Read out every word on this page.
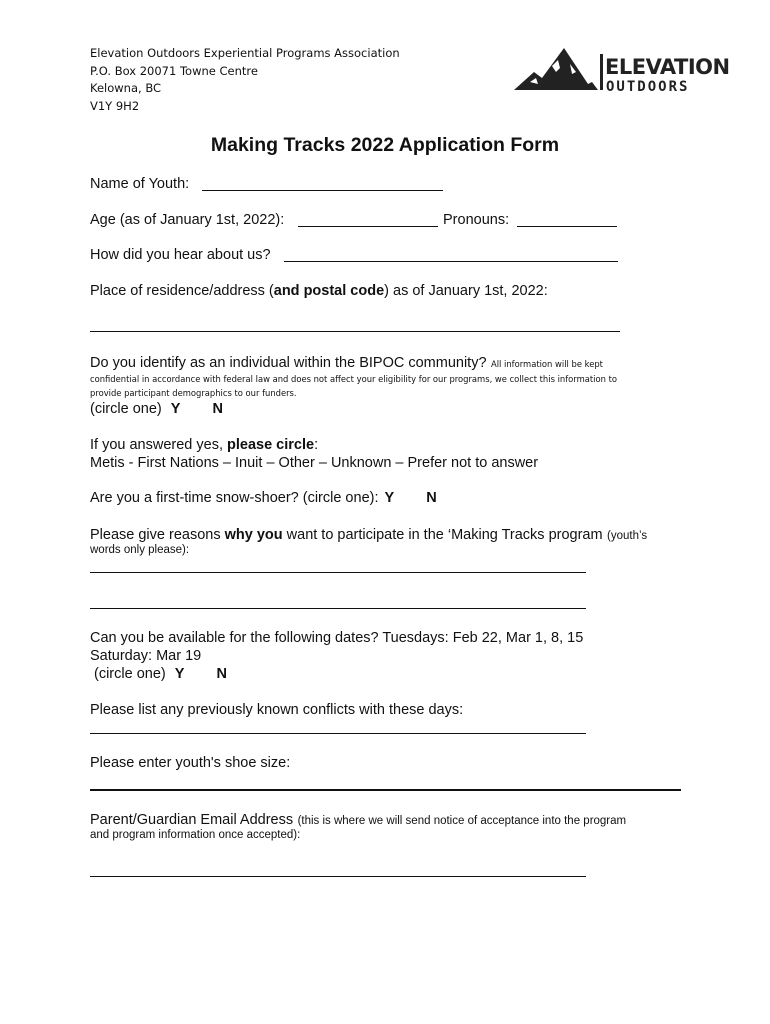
Elevation Outdoors Experiential Programs Association
P.O. Box 20071 Towne Centre
Kelowna, BC
V1Y 9H2
ELEVATION
OUTDOORS
Making Tracks 2022 Application Form
Name of Youth:
Age (as of January 1st, 2022):	Pronouns:
How did you hear about us?
Place of residence/address (and postal code) as of January 1st, 2022:
Do you identify as an individual within the BIPOC community? All information will be kept
confidential in accordance with federal law and does not affect your eligibility for our programs, we collect this information to
provide participant demographics to our funders.
(circle one) Y N
If you answered yes, please circle:
Metis - First Nations – Inuit – Other – Unknown – Prefer not to answer
Are you a first-time snow-shoer? (circle one): Y N
Please give reasons why you want to participate in the ‘Making Tracks program (youth’s
words only please):
Can you be available for the following dates? Tuesdays: Feb 22, Mar 1, 8, 15
Saturday: Mar 19
(circle one) Y N
Please list any previously known conflicts with these days:
Please enter youth's shoe size:
Parent/Guardian Email Address (this is where we will send notice of acceptance into the program
and program information once accepted):
